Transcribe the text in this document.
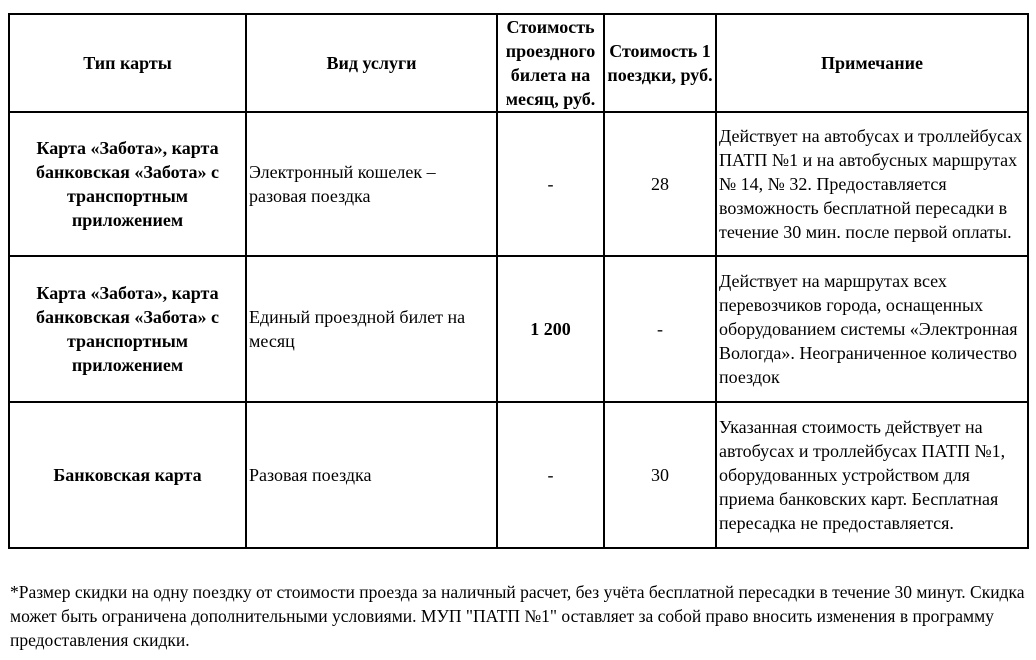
Тип карты	Вид услуги	Стоимость проездного билета на месяц, руб.	Стоимость 1 поездки, руб.	Примечание
Карта «Забота», карта банковская «Забота» с транспортным приложением	Электронный кошелек – разовая поездка	-	28	Действует на автобусах и троллейбусах ПАТП №1 и на автобусных маршрутах № 14, № 32. Предоставляется возможность бесплатной пересадки в течение 30 мин. после первой оплаты.
Карта «Забота», карта банковская «Забота» с транспортным приложением	Единый проездной билет на месяц	1 200	-	Действует на маршрутах всех перевозчиков города, оснащенных оборудованием системы «Электронная Вологда». Неограниченное количество поездок
Банковская карта	Разовая поездка	-	30	Указанная стоимость действует на автобусах и троллейбусах ПАТП №1, оборудованных устройством для приема банковских карт. Бесплатная пересадка не предоставляется.

*Размер скидки на одну поездку от стоимости проезда за наличный расчет, без учёта бесплатной пересадки в течение 30 минут. Скидка может быть ограничена дополнительными условиями. МУП "ПАТП №1" оставляет за собой право вносить изменения в программу предоставления скидки.
